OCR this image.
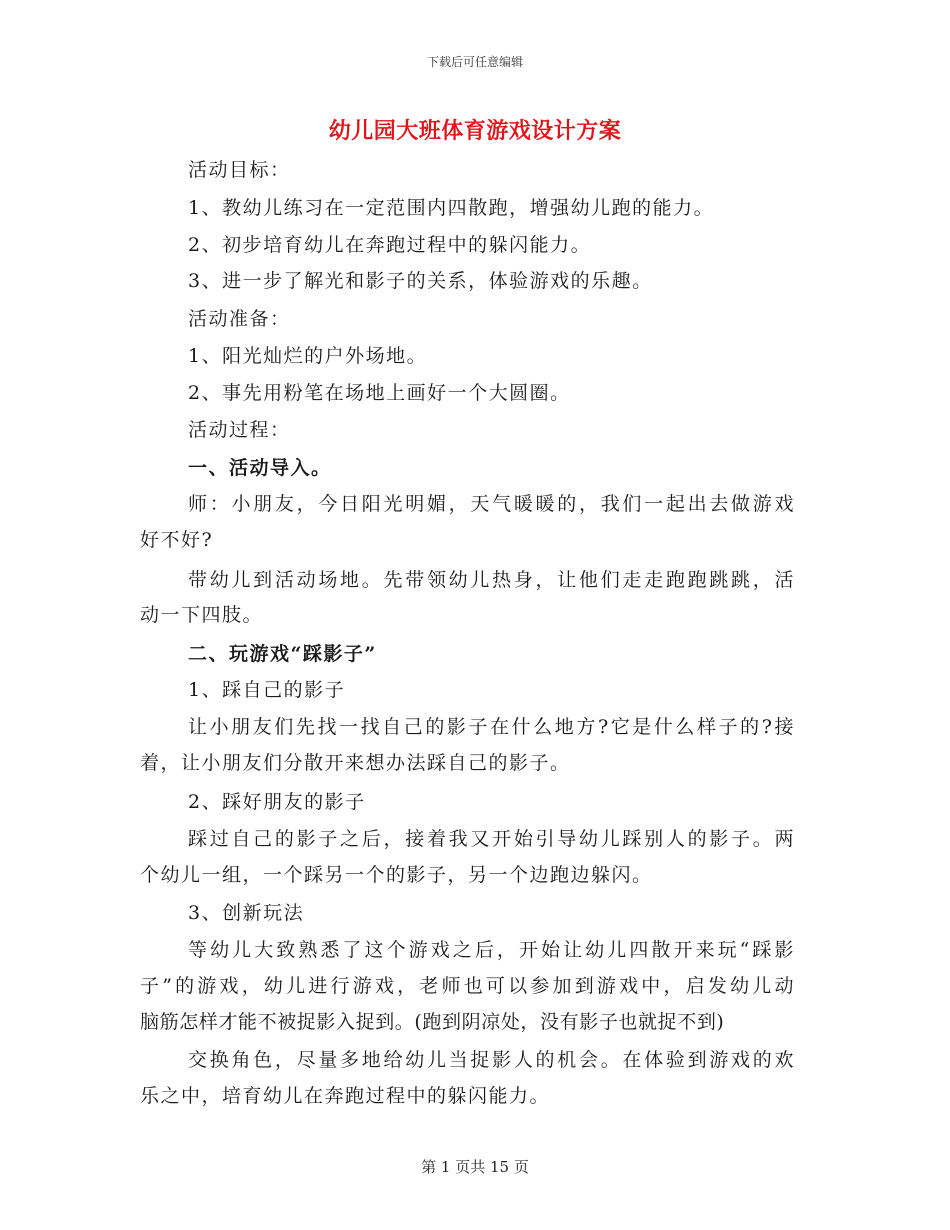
下载后可任意编辑
幼儿园大班体育游戏设计方案
活动目标：
1、教幼儿练习在一定范围内四散跑，增强幼儿跑的能力。
2、初步培育幼儿在奔跑过程中的躲闪能力。
3、进一步了解光和影子的关系，体验游戏的乐趣。
活动准备：
1、阳光灿烂的户外场地。
2、事先用粉笔在场地上画好一个大圆圈。
活动过程：
一、活动导入。
师：小朋友，今日阳光明媚，天气暖暖的，我们一起出去做游戏
好不好?
带幼儿到活动场地。先带领幼儿热身，让他们走走跑跑跳跳，活
动一下四肢。
二、玩游戏“踩影子”
1、踩自己的影子
让小朋友们先找一找自己的影子在什么地方?它是什么样子的?接
着，让小朋友们分散开来想办法踩自己的影子。
2、踩好朋友的影子
踩过自己的影子之后，接着我又开始引导幼儿踩别人的影子。两
个幼儿一组，一个踩另一个的影子，另一个边跑边躲闪。
3、创新玩法
等幼儿大致熟悉了这个游戏之后，开始让幼儿四散开来玩“踩影
子”的游戏，幼儿进行游戏，老师也可以参加到游戏中，启发幼儿动
脑筋怎样才能不被捉影入捉到。(跑到阴凉处，没有影子也就捉不到)
交换角色，尽量多地给幼儿当捉影人的机会。在体验到游戏的欢
乐之中，培育幼儿在奔跑过程中的躲闪能力。
第 1 页共 15 页
